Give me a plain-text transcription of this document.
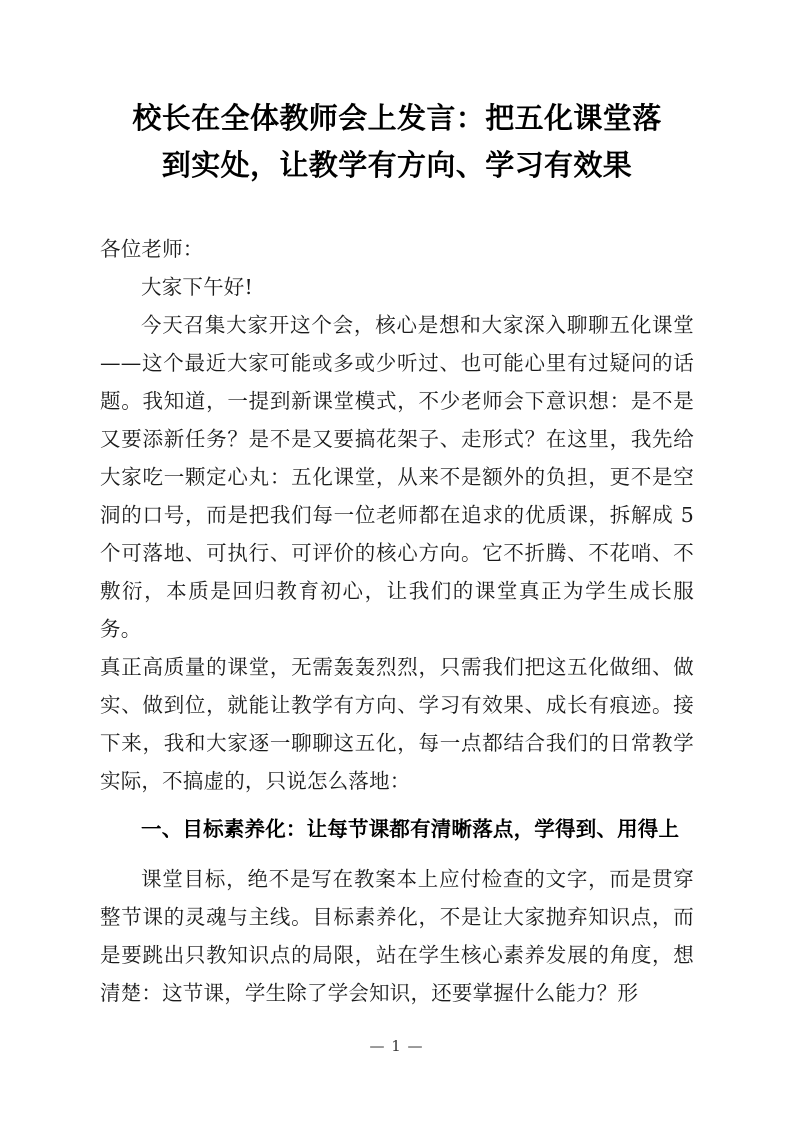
校长在全体教师会上发言：把五化课堂落
到实处，让教学有方向、学习有效果

各位老师：

大家下午好!

今天召集大家开这个会，核心是想和大家深入聊聊五化课堂——这个最近大家可能或多或少听过、也可能心里有过疑问的话题。我知道，一提到新课堂模式，不少老师会下意识想：是不是又要添新任务？是不是又要搞花架子、走形式？在这里，我先给大家吃一颗定心丸：五化课堂，从来不是额外的负担，更不是空洞的口号，而是把我们每一位老师都在追求的优质课，拆解成 5 个可落地、可执行、可评价的核心方向。它不折腾、不花哨、不敷衍，本质是回归教育初心，让我们的课堂真正为学生成长服务。

真正高质量的课堂，无需轰轰烈烈，只需我们把这五化做细、做实、做到位，就能让教学有方向、学习有效果、成长有痕迹。接下来，我和大家逐一聊聊这五化，每一点都结合我们的日常教学实际，不搞虚的，只说怎么落地：

一、目标素养化：让每节课都有清晰落点，学得到、用得上

课堂目标，绝不是写在教案本上应付检查的文字，而是贯穿整节课的灵魂与主线。目标素养化，不是让大家抛弃知识点，而是要跳出只教知识点的局限，站在学生核心素养发展的角度，想清楚：这节课，学生除了学会知识，还要掌握什么能力？形

— 1 —
